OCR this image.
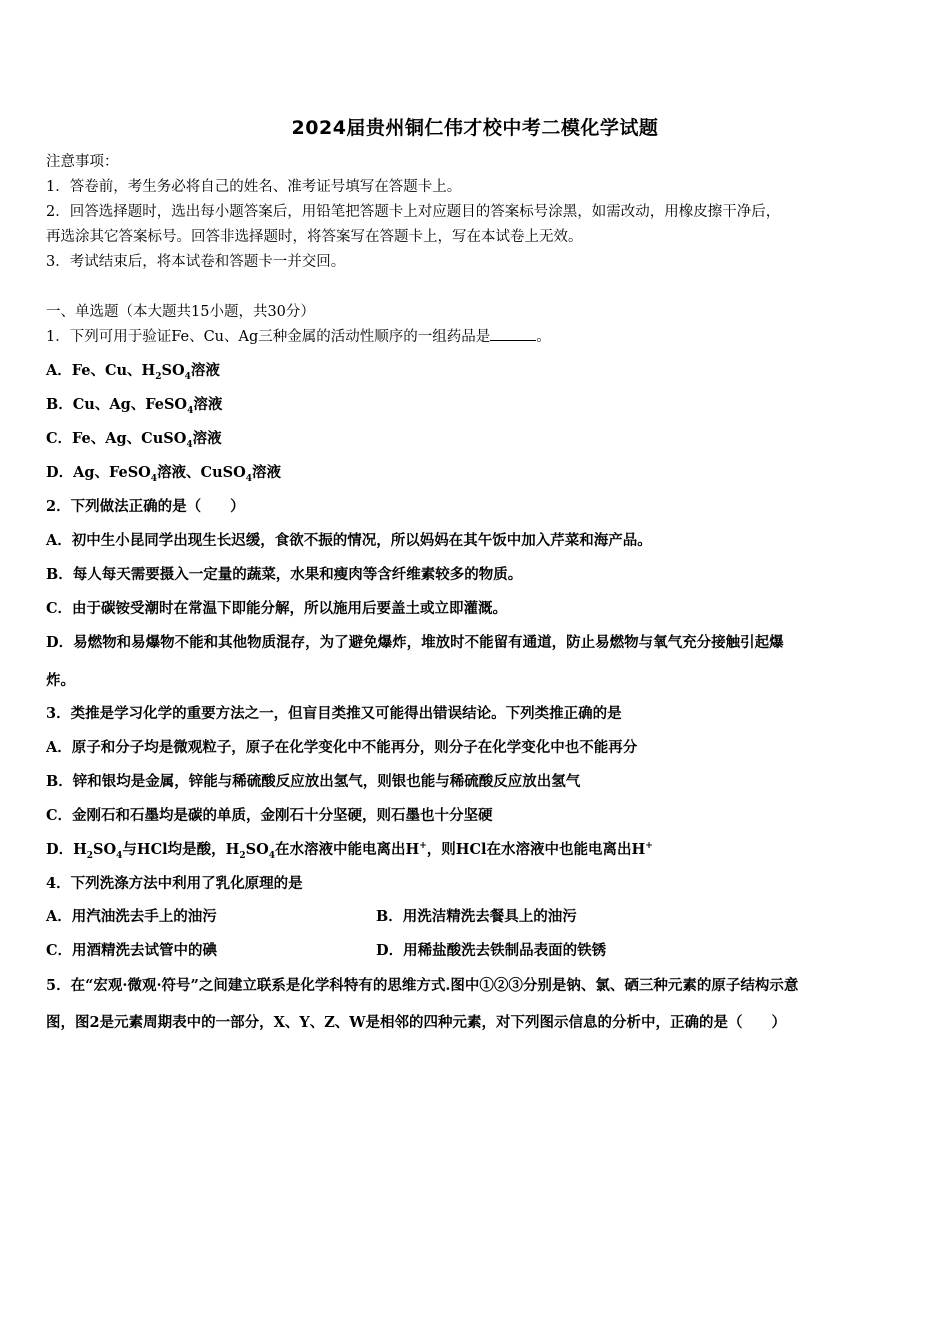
2024届贵州铜仁伟才校中考二模化学试题
注意事项：
1．答卷前，考生务必将自己的姓名、准考证号填写在答题卡上。
2．回答选择题时，选出每小题答案后，用铅笔把答题卡上对应题目的答案标号涂黑，如需改动，用橡皮擦干净后，
再选涂其它答案标号。回答非选择题时，将答案写在答题卡上，写在本试卷上无效。
3．考试结束后，将本试卷和答题卡一并交回。
一、单选题（本大题共15小题，共30分）
1．下列可用于验证Fe、Cu、Ag三种金属的活动性顺序的一组药品是	。
A．Fe、Cu、$H_2SO_4$溶液
B．Cu、Ag、FeSO$_4$溶液
C．Fe、Ag、CuSO$_4$溶液
D．Ag、FeSO$_4$溶液、CuSO$_4$溶液
2．下列做法正确的是（　　）
A．初中生小昆同学出现生长迟缓，食欲不振的情况，所以妈妈在其午饭中加入芹菜和海产品。
B．每人每天需要摄入一定量的蔬菜，水果和瘦肉等含纤维素较多的物质。
C．由于碳铵受潮时在常温下即能分解，所以施用后要盖土或立即灌溉。
D．易燃物和易爆物不能和其他物质混存，为了避免爆炸，堆放时不能留有通道，防止易燃物与氧气充分接触引起爆
炸。
3．类推是学习化学的重要方法之一，但盲目类推又可能得出错误结论。下列类推正确的是
A．原子和分子均是微观粒子，原子在化学变化中不能再分，则分子在化学变化中也不能再分
B．锌和银均是金属，锌能与稀硫酸反应放出氢气，则银也能与稀硫酸反应放出氢气
C．金刚石和石墨均是碳的单质，金刚石十分坚硬，则石墨也十分坚硬
D．$H_2SO_4$与HCl均是酸，$H_2SO_4$在水溶液中能电离出H+，则HCl在水溶液中也能电离出H+
4．下列洗涤方法中利用了乳化原理的是
A．用汽油洗去手上的油污	B．用洗洁精洗去餐具上的油污
C．用酒精洗去试管中的碘	D．用稀盐酸洗去铁制品表面的铁锈
5．在“宏观·微观·符号”之间建立联系是化学科特有的思维方式.图中①②③分别是钠、氯、硒三种元素的原子结构示意
图，图2是元素周期表中的一部分，X、Y、Z、W是相邻的四种元素，对下列图示信息的分析中，正确的是（　　）
